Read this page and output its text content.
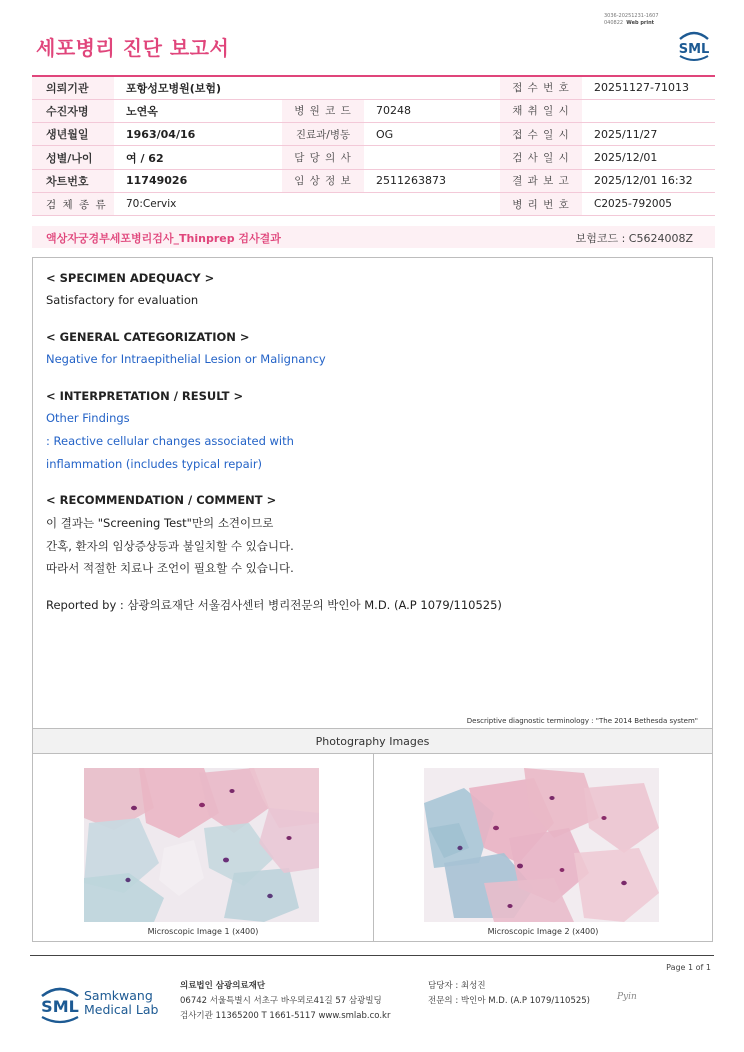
3036-20251231-1607
040822 Web print
세포병리 진단 보고서	SML
의뢰기관	포항성모병원(보험)			접 수 번 호	20251127-71013
수진자명	노연옥	병 원 코 드	70248	채 취 일 시	
생년월일	1963/04/16	진료과/병동	OG	접 수 일 시	2025/11/27
성별/나이	여 / 62	담 당 의 사		검 사 일 시	2025/12/01
차트번호	11749026	임 상 정 보	2511263873	결 과 보 고	2025/12/01 16:32
검 체 종 류	70:Cervix			병 리 번 호	C2025-792005
액상자궁경부세포병리검사_Thinprep 검사결과	보험코드 : C5624008Z
< SPECIMEN ADEQUACY >
Satisfactory for evaluation
< GENERAL CATEGORIZATION >
Negative for Intraepithelial Lesion or Malignancy
< INTERPRETATION / RESULT >
Other Findings
: Reactive cellular changes associated with
inflammation (includes typical repair)
< RECOMMENDATION / COMMENT >
이 결과는 "Screening Test"만의 소견이므로
간혹, 환자의 임상증상등과 불일치할 수 있습니다.
따라서 적절한 치료나 조언이 필요할 수 있습니다.
Reported by : 삼광의료재단 서울검사센터 병리전문의 박인아 M.D. (A.P 1079/110525)
Descriptive diagnostic terminology : "The 2014 Bethesda system"
Photography Images
Microscopic Image 1 (x400)	Microscopic Image 2 (x400)
Page 1 of 1
SML
Samkwang
Medical Lab
의료법인 삼광의료재단
06742 서울특별시 서초구 바우뫼로41길 57 삼광빌딩
검사기관 11365200 T 1661-5117 www.smlab.co.kr
담당자 : 최성진
전문의 : 박인아 M.D. (A.P 1079/110525)	Pyin
